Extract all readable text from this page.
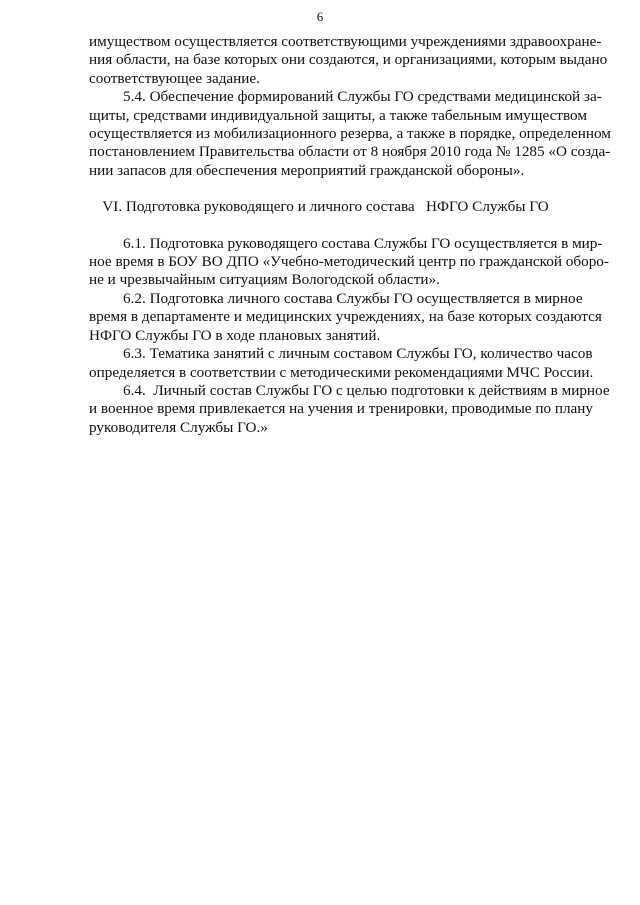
6

имуществом осуществляется соответствующими учреждениями здравоохране-
ния области, на базе которых они создаются, и организациями, которым выдано
соответствующее задание.

5.4. Обеспечение формирований Службы ГО средствами медицинской за-
щиты, средствами индивидуальной защиты, а также табельным имуществом
осуществляется из мобилизационного резерва, а также в порядке, определенном
постановлением Правительства области от 8 ноября 2010 года № 1285 «О созда-
нии запасов для обеспечения мероприятий гражданской обороны».

VI. Подготовка руководящего и личного состава   НФГО Службы ГО

6.1. Подготовка руководящего состава Службы ГО осуществляется в мир-
ное время в БОУ ВО ДПО «Учебно-методический центр по гражданской оборо-
не и чрезвычайным ситуациям Вологодской области».

6.2. Подготовка личного состава Службы ГО осуществляется в мирное
время в департаменте и медицинских учреждениях, на базе которых создаются
НФГО Службы ГО в ходе плановых занятий.

6.3. Тематика занятий с личным составом Службы ГО, количество часов
определяется в соответствии с методическими рекомендациями МЧС России.

6.4.  Личный состав Службы ГО с целью подготовки к действиям в мирное
и военное время привлекается на учения и тренировки, проводимые по плану
руководителя Службы ГО.»
